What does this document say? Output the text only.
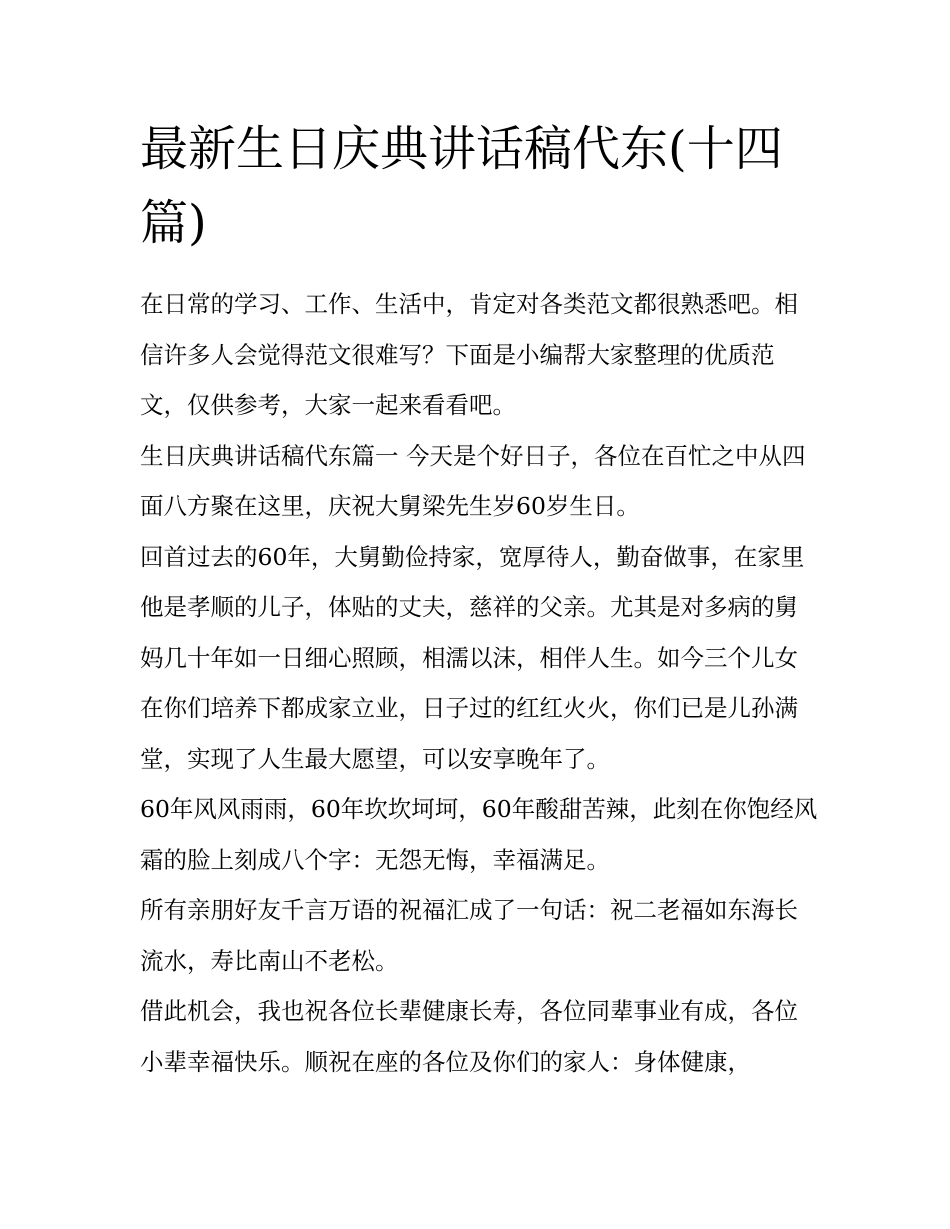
最新生日庆典讲话稿代东(十四篇)

在日常的学习、工作、生活中，肯定对各类范文都很熟悉吧。相信许多人会觉得范文很难写？下面是小编帮大家整理的优质范文，仅供参考，大家一起来看看吧。

生日庆典讲话稿代东篇一 今天是个好日子，各位在百忙之中从四面八方聚在这里，庆祝大舅梁先生岁60岁生日。

回首过去的60年，大舅勤俭持家，宽厚待人，勤奋做事，在家里他是孝顺的儿子，体贴的丈夫，慈祥的父亲。尤其是对多病的舅妈几十年如一日细心照顾，相濡以沫，相伴人生。如今三个儿女在你们培养下都成家立业，日子过的红红火火，你们已是儿孙满堂，实现了人生最大愿望，可以安享晚年了。

60年风风雨雨，60年坎坎坷坷，60年酸甜苦辣，此刻在你饱经风霜的脸上刻成八个字：无怨无悔，幸福满足。

所有亲朋好友千言万语的祝福汇成了一句话：祝二老福如东海长流水，寿比南山不老松。

借此机会，我也祝各位长辈健康长寿，各位同辈事业有成，各位小辈幸福快乐。顺祝在座的各位及你们的家人：身体健康，
